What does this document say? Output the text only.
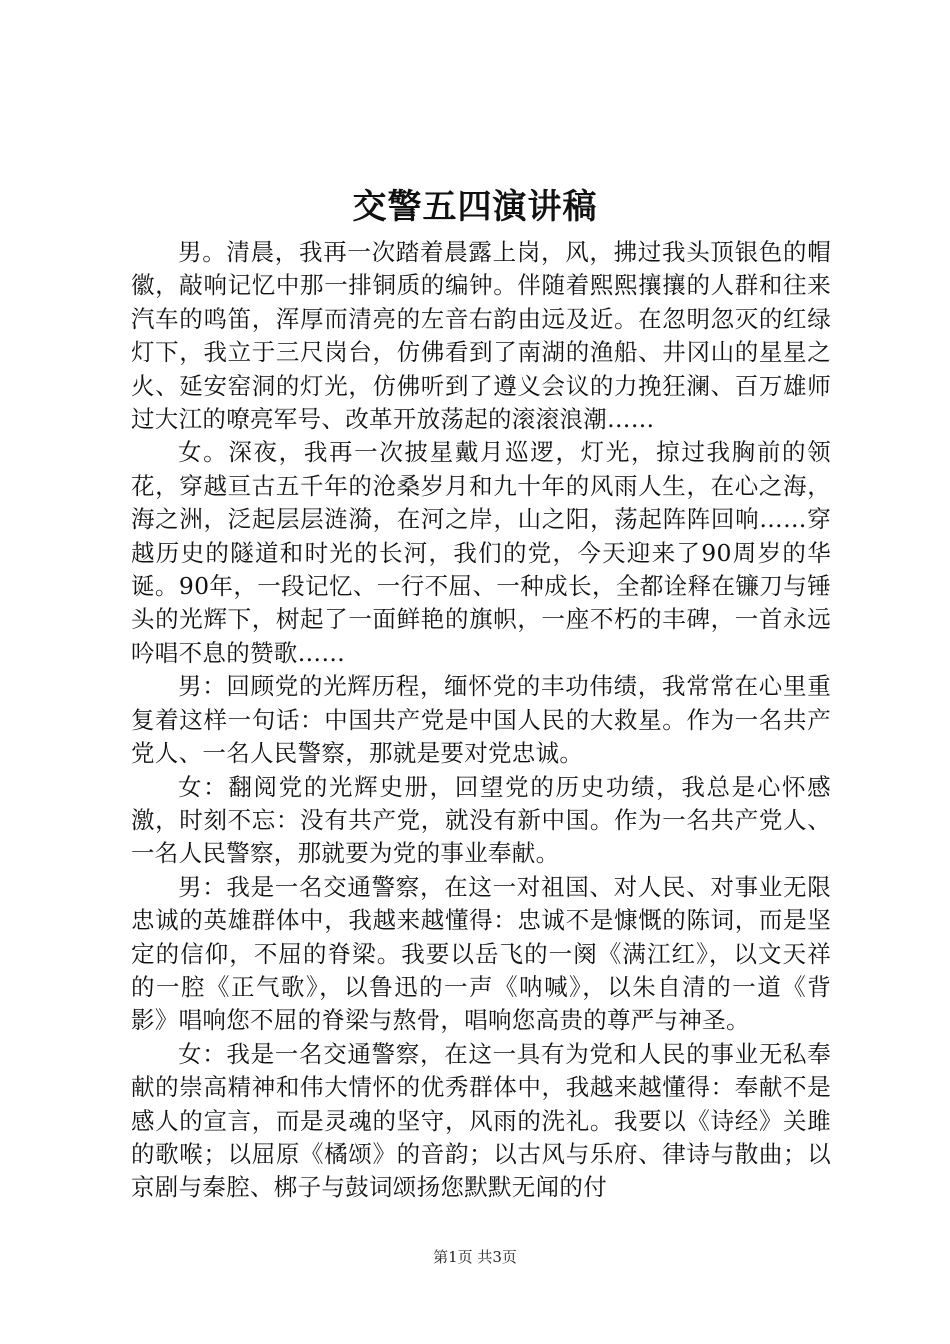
交警五四演讲稿

男。清晨，我再一次踏着晨露上岗，风，拂过我头顶银色的帽徽，敲响记忆中那一排铜质的编钟。伴随着熙熙攘攘的人群和往来汽车的鸣笛，浑厚而清亮的左音右韵由远及近。在忽明忽灭的红绿灯下，我立于三尺岗台，仿佛看到了南湖的渔船、井冈山的星星之火、延安窑洞的灯光，仿佛听到了遵义会议的力挽狂澜、百万雄师过大江的嘹亮军号、改革开放荡起的滚滚浪潮……

女。深夜，我再一次披星戴月巡逻，灯光，掠过我胸前的领花，穿越亘古五千年的沧桑岁月和九十年的风雨人生，在心之海，海之洲，泛起层层涟漪，在河之岸，山之阳，荡起阵阵回响……穿越历史的隧道和时光的长河，我们的党，今天迎来了90周岁的华诞。90年，一段记忆、一行不屈、一种成长，全都诠释在镰刀与锤头的光辉下，树起了一面鲜艳的旗帜，一座不朽的丰碑，一首永远吟唱不息的赞歌……

男：回顾党的光辉历程，缅怀党的丰功伟绩，我常常在心里重复着这样一句话：中国共产党是中国人民的大救星。作为一名共产党人、一名人民警察，那就是要对党忠诚。

女：翻阅党的光辉史册，回望党的历史功绩，我总是心怀感激，时刻不忘：没有共产党，就没有新中国。作为一名共产党人、一名人民警察，那就要为党的事业奉献。

男：我是一名交通警察，在这一对祖国、对人民、对事业无限忠诚的英雄群体中，我越来越懂得：忠诚不是慷慨的陈词，而是坚定的信仰，不屈的脊梁。我要以岳飞的一阕《满江红》，以文天祥的一腔《正气歌》，以鲁迅的一声《呐喊》，以朱自清的一道《背影》唱响您不屈的脊梁与熬骨，唱响您高贵的尊严与神圣。

女：我是一名交通警察，在这一具有为党和人民的事业无私奉献的崇高精神和伟大情怀的优秀群体中，我越来越懂得：奉献不是感人的宣言，而是灵魂的坚守，风雨的洗礼。我要以《诗经》关雎的歌喉；以屈原《橘颂》的音韵；以古风与乐府、律诗与散曲；以京剧与秦腔、梆子与鼓词颂扬您默默无闻的付

第1页 共3页
